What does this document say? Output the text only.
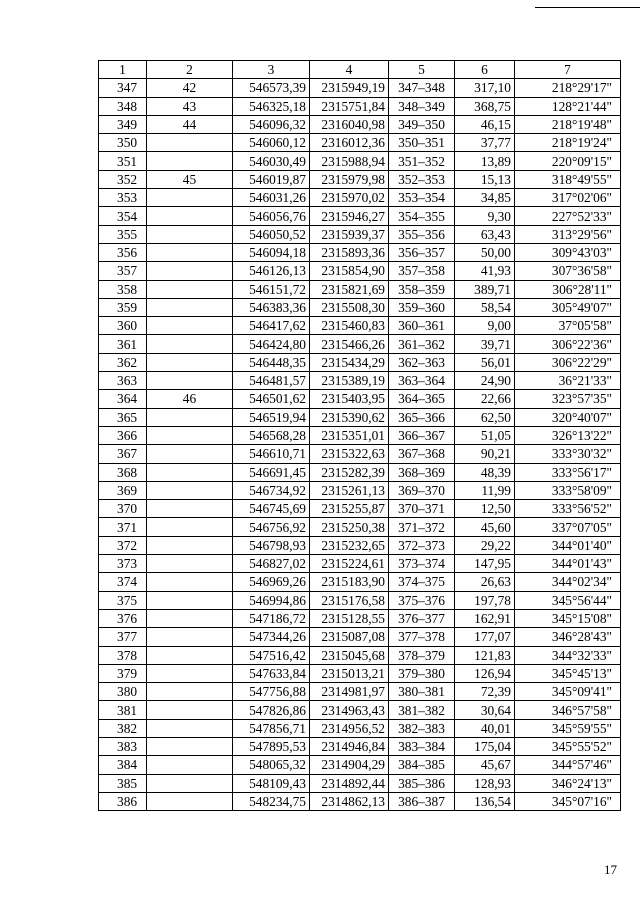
1	2	3	4	5	6	7
347	42	546573,39	2315949,19	347–348	317,10	218°29'17"
348	43	546325,18	2315751,84	348–349	368,75	128°21'44"
349	44	546096,32	2316040,98	349–350	46,15	218°19'48"
350		546060,12	2316012,36	350–351	37,77	218°19'24"
351		546030,49	2315988,94	351–352	13,89	220°09'15"
352	45	546019,87	2315979,98	352–353	15,13	318°49'55"
353		546031,26	2315970,02	353–354	34,85	317°02'06"
354		546056,76	2315946,27	354–355	9,30	227°52'33"
355		546050,52	2315939,37	355–356	63,43	313°29'56"
356		546094,18	2315893,36	356–357	50,00	309°43'03"
357		546126,13	2315854,90	357–358	41,93	307°36'58"
358		546151,72	2315821,69	358–359	389,71	306°28'11"
359		546383,36	2315508,30	359–360	58,54	305°49'07"
360		546417,62	2315460,83	360–361	9,00	37°05'58"
361		546424,80	2315466,26	361–362	39,71	306°22'36"
362		546448,35	2315434,29	362–363	56,01	306°22'29"
363		546481,57	2315389,19	363–364	24,90	36°21'33"
364	46	546501,62	2315403,95	364–365	22,66	323°57'35"
365		546519,94	2315390,62	365–366	62,50	320°40'07"
366		546568,28	2315351,01	366–367	51,05	326°13'22"
367		546610,71	2315322,63	367–368	90,21	333°30'32"
368		546691,45	2315282,39	368–369	48,39	333°56'17"
369		546734,92	2315261,13	369–370	11,99	333°58'09"
370		546745,69	2315255,87	370–371	12,50	333°56'52"
371		546756,92	2315250,38	371–372	45,60	337°07'05"
372		546798,93	2315232,65	372–373	29,22	344°01'40"
373		546827,02	2315224,61	373–374	147,95	344°01'43"
374		546969,26	2315183,90	374–375	26,63	344°02'34"
375		546994,86	2315176,58	375–376	197,78	345°56'44"
376		547186,72	2315128,55	376–377	162,91	345°15'08"
377		547344,26	2315087,08	377–378	177,07	346°28'43"
378		547516,42	2315045,68	378–379	121,83	344°32'33"
379		547633,84	2315013,21	379–380	126,94	345°45'13"
380		547756,88	2314981,97	380–381	72,39	345°09'41"
381		547826,86	2314963,43	381–382	30,64	346°57'58"
382		547856,71	2314956,52	382–383	40,01	345°59'55"
383		547895,53	2314946,84	383–384	175,04	345°55'52"
384		548065,32	2314904,29	384–385	45,67	344°57'46"
385		548109,43	2314892,44	385–386	128,93	346°24'13"
386		548234,75	2314862,13	386–387	136,54	345°07'16"
17
